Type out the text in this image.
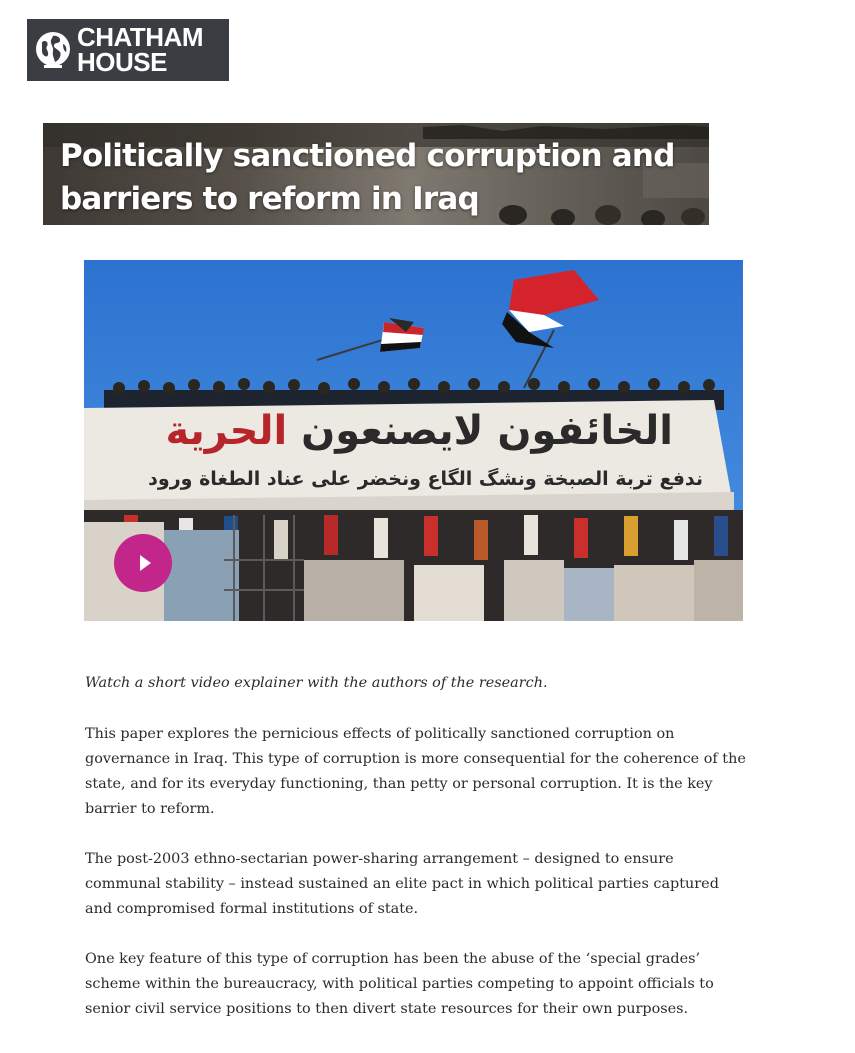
CHATHAM
HOUSE
Politically sanctioned corruption and barriers to reform in Iraq
الخائفون لايصنعون الحرية
ندفع تربة الصبخة ونشگ الگاع ونخضر على عناد الطغاة ورود

Watch a short video explainer with the authors of the research.

This paper explores the pernicious effects of politically sanctioned corruption on governance in Iraq. This type of corruption is more consequential for the coherence of the state, and for its everyday functioning, than petty or personal corruption. It is the key barrier to reform.

The post-2003 ethno-sectarian power-sharing arrangement – designed to ensure communal stability – instead sustained an elite pact in which political parties captured and compromised formal institutions of state.

One key feature of this type of corruption has been the abuse of the ‘special grades’ scheme within the bureaucracy, with political parties competing to appoint officials to senior civil service positions to then divert state resources for their own purposes.
